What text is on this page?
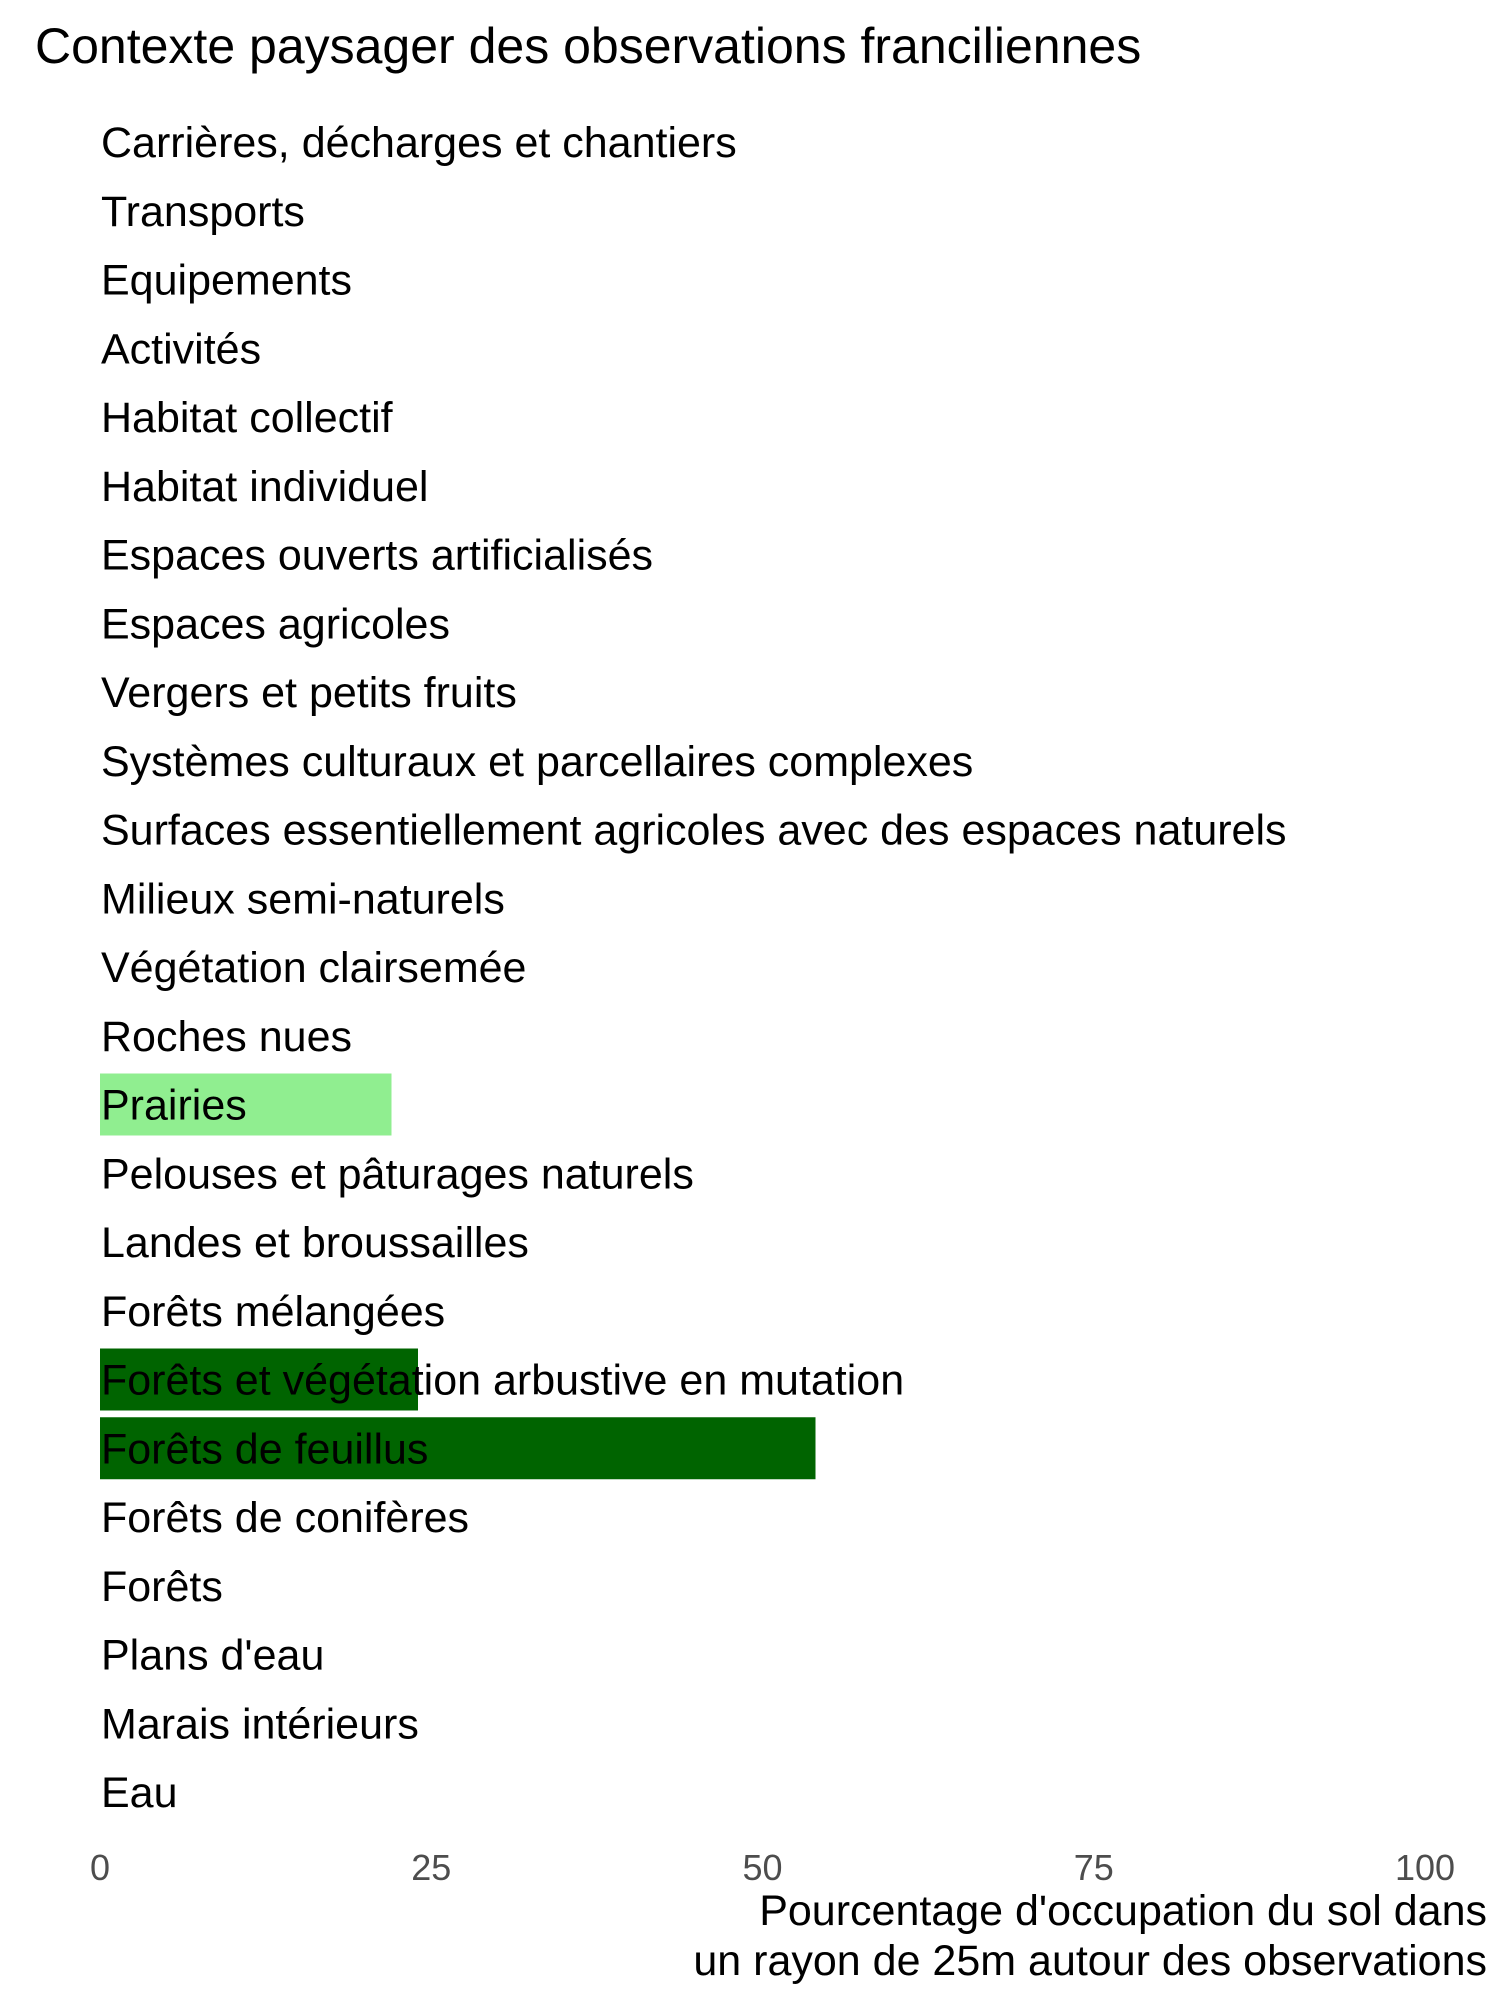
Contexte paysager des observations franciliennes
Carrières, décharges et chantiers
Transports
Equipements
Activités
Habitat collectif
Habitat individuel
Espaces ouverts artificialisés
Espaces agricoles
Vergers et petits fruits
Systèmes culturaux et parcellaires complexes
Surfaces essentiellement agricoles avec des espaces naturels
Milieux semi-naturels
Végétation clairsemée
Roches nues
Prairies
Pelouses et pâturages naturels
Landes et broussailles
Forêts mélangées
Forêts et végétation arbustive en mutation
Forêts de feuillus
Forêts de conifères
Forêts
Plans d'eau
Marais intérieurs
Eau
0	25	50	75	100
Pourcentage d'occupation du sol dans
un rayon de 25m autour des observations
